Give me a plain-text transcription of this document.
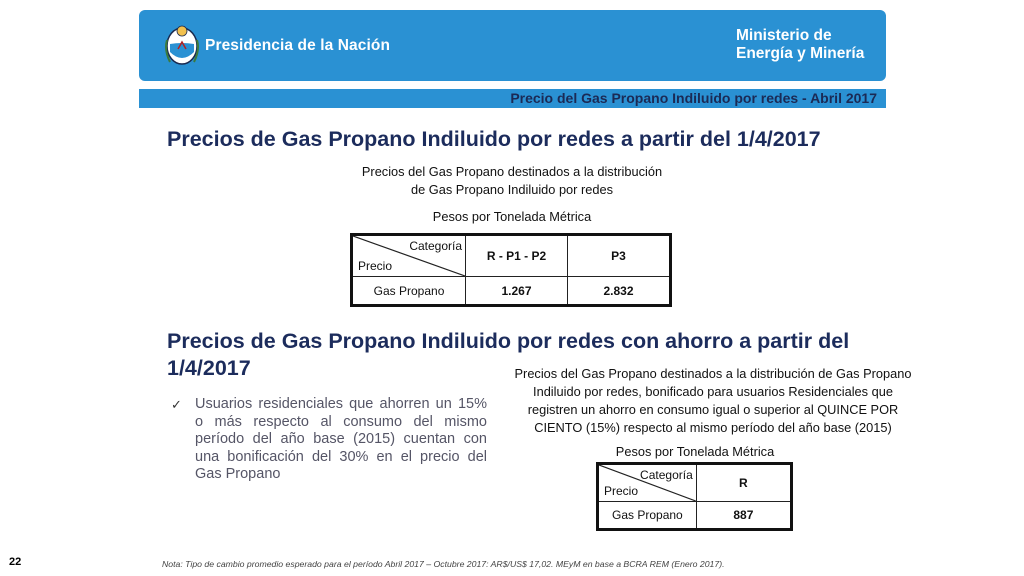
Presidencia de la Nación
Ministerio de
Energía y Minería
Precio del Gas Propano Indiluido por redes - Abril 2017
Precios de Gas Propano Indiluido por redes a partir del 1/4/2017
Precios del Gas Propano destinados a la distribución
de Gas Propano Indiluido por redes
Pesos por Tonelada Métrica
Categoría
Precio	R - P1 - P2	P3
Gas Propano	1.267	2.832
Precios de Gas Propano Indiluido por redes con ahorro a partir del 1/4/2017	Precios del Gas Propano destinados a la distribución de Gas Propano
Indiluido por redes, bonificado para usuarios Residenciales que
registren un ahorro en consumo igual o superior al QUINCE POR
CIENTO (15%) respecto al mismo período del año base (2015)
Pesos por Tonelada Métrica
Categoría
Precio	R
Gas Propano	887
✓ Usuarios residenciales que ahorren un 15% o más respecto al consumo del mismo período del año base (2015) cuentan con una bonificación del 30% en el precio del Gas Propano
22	Nota: Tipo de cambio promedio esperado para el período Abril 2017 – Octubre 2017: AR$/US$ 17,02. MEyM en base a BCRA REM (Enero 2017).
